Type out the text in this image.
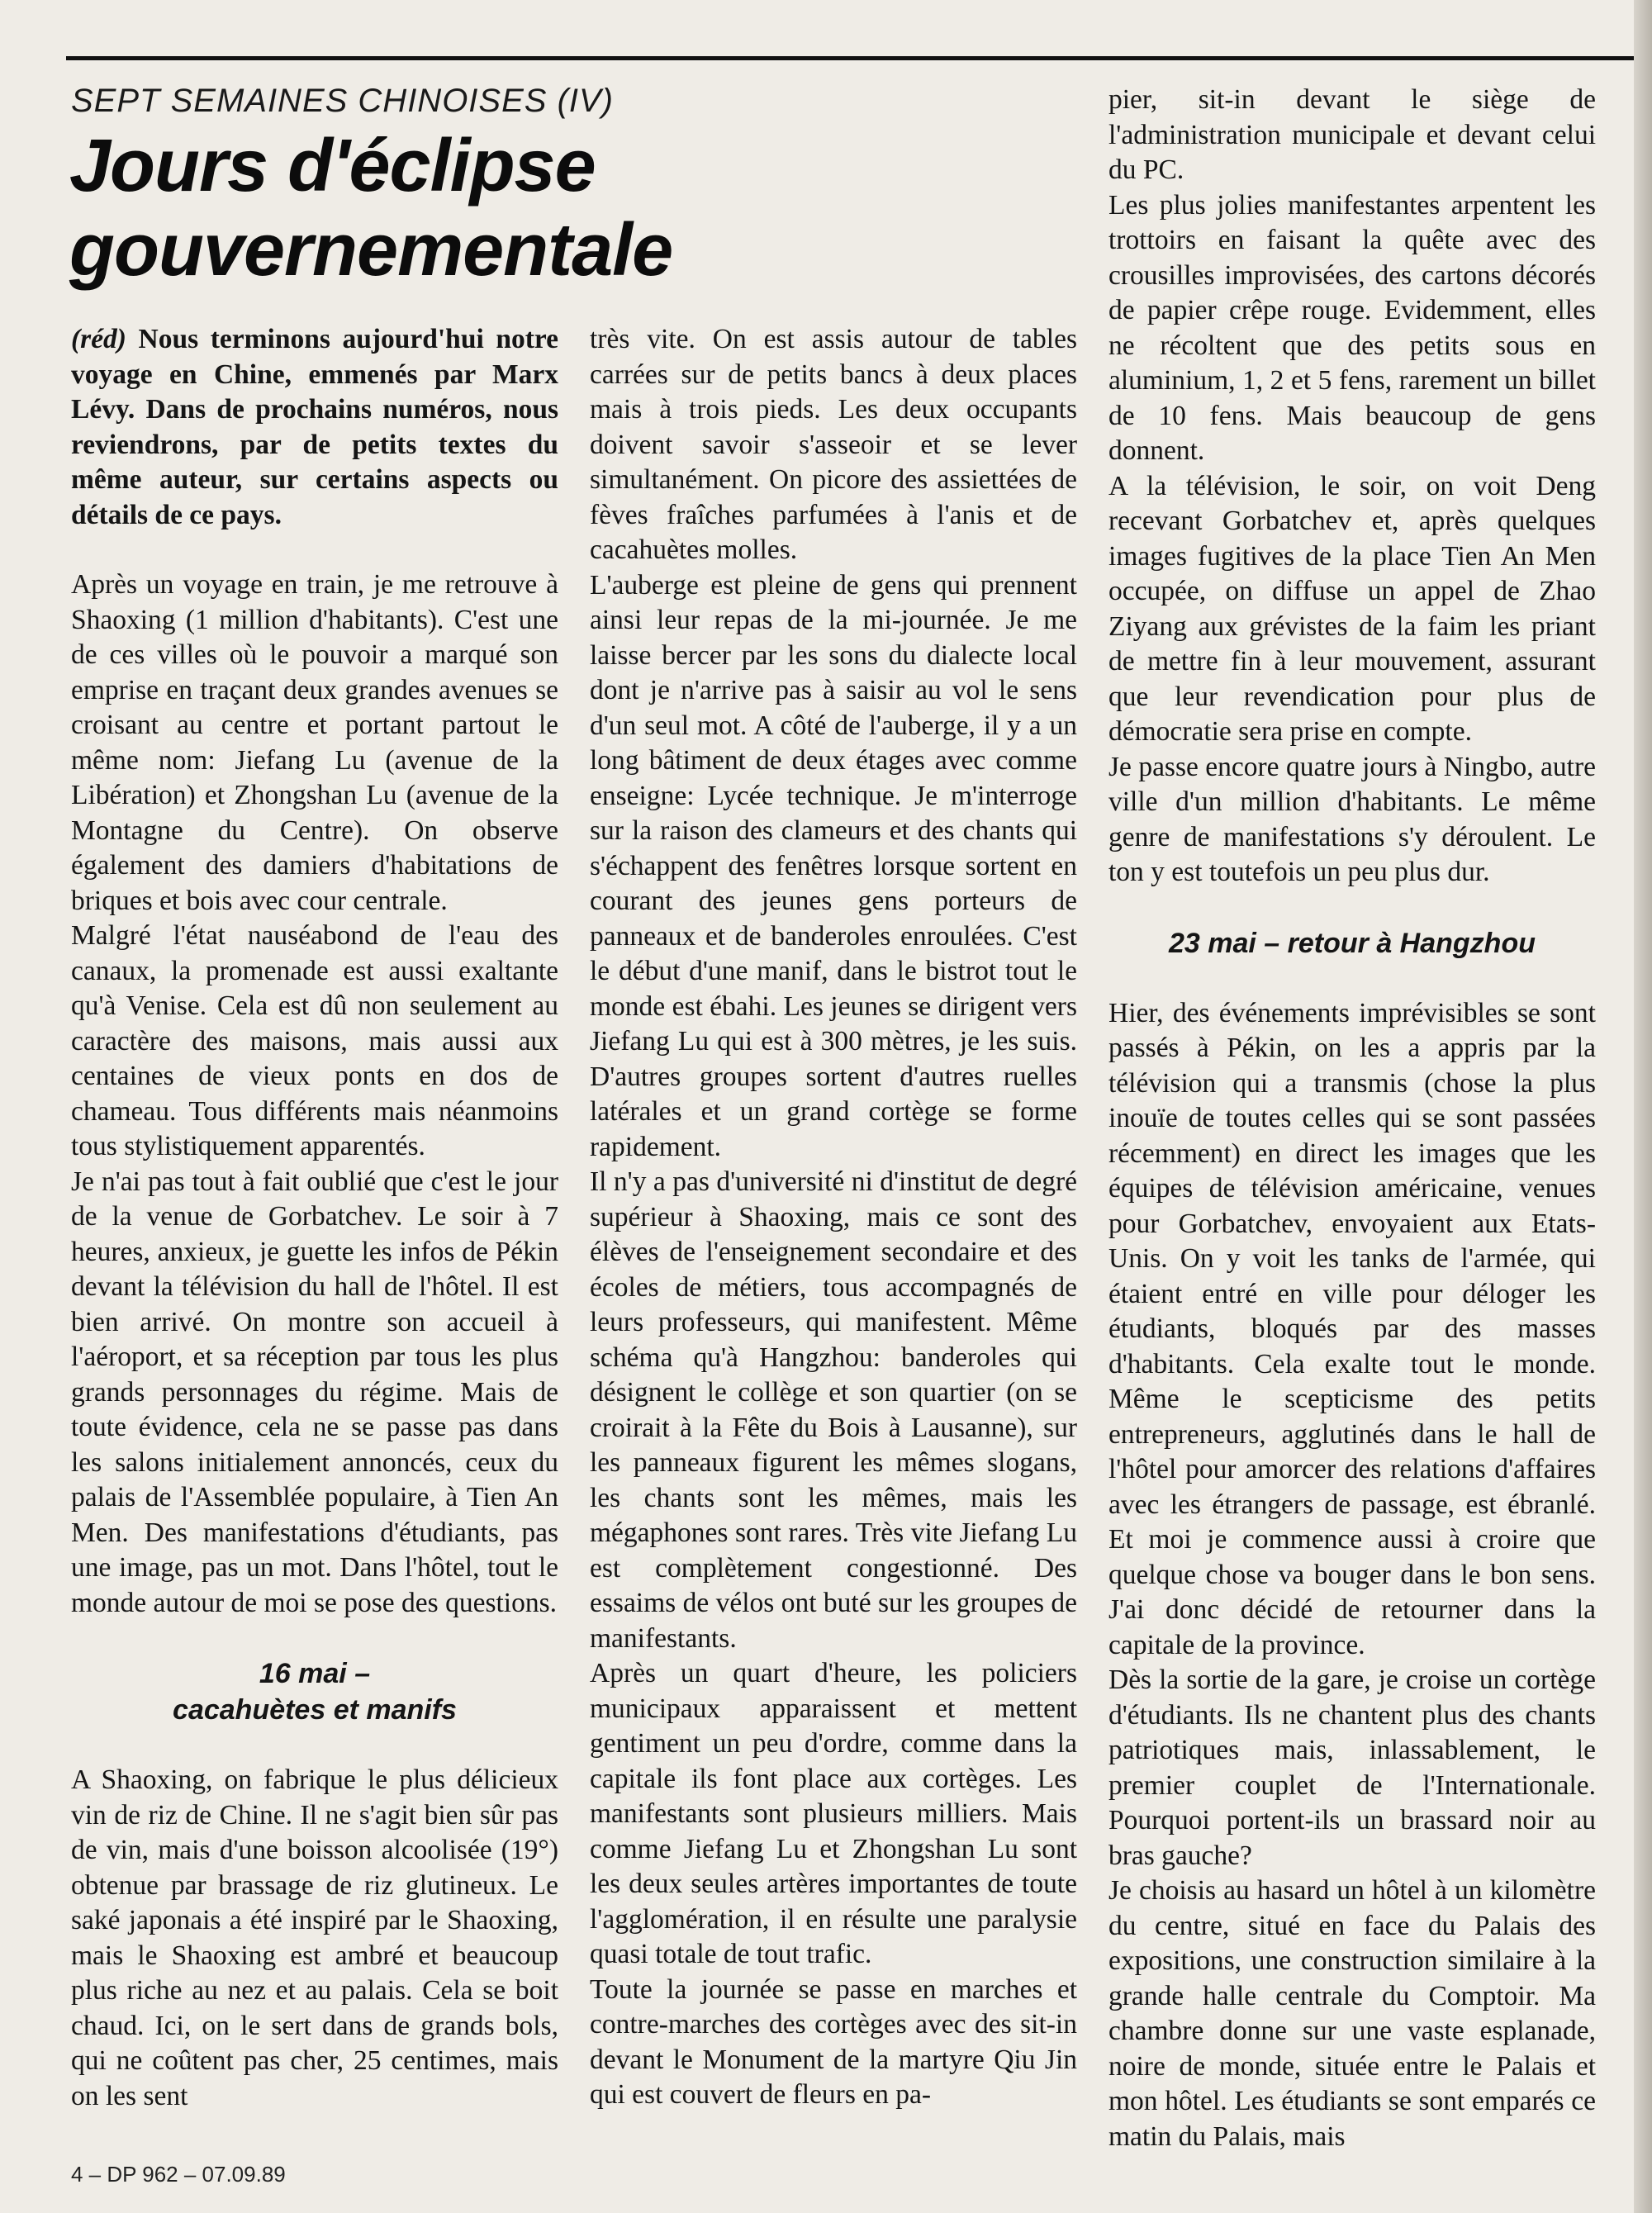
SEPT SEMAINES CHINOISES (IV)

Jours d'éclipse
gouvernementale

(réd) Nous terminons aujourd'hui notre voyage en Chine, emmenés par Marx Lévy. Dans de prochains numéros, nous reviendrons, par de petits textes du même auteur, sur certains aspects ou détails de ce pays.

Après un voyage en train, je me retrouve à Shaoxing (1 million d'habitants). C'est une de ces villes où le pouvoir a marqué son emprise en traçant deux grandes avenues se croisant au centre et portant partout le même nom: Jiefang Lu (avenue de la Libération) et Zhongshan Lu (avenue de la Montagne du Centre). On observe également des damiers d'habitations de briques et bois avec cour centrale.

Malgré l'état nauséabond de l'eau des canaux, la promenade est aussi exaltante qu'à Venise. Cela est dû non seulement au caractère des maisons, mais aussi aux centaines de vieux ponts en dos de chameau. Tous différents mais néanmoins tous stylistiquement apparentés.

Je n'ai pas tout à fait oublié que c'est le jour de la venue de Gorbatchev. Le soir à 7 heures, anxieux, je guette les infos de Pékin devant la télévision du hall de l'hôtel. Il est bien arrivé. On montre son accueil à l'aéroport, et sa réception par tous les plus grands personnages du régime. Mais de toute évidence, cela ne se passe pas dans les salons initialement annoncés, ceux du palais de l'Assemblée populaire, à Tien An Men. Des manifestations d'étudiants, pas une image, pas un mot. Dans l'hôtel, tout le monde autour de moi se pose des questions.

16 mai –
cacahuètes et manifs

A Shaoxing, on fabrique le plus délicieux vin de riz de Chine. Il ne s'agit bien sûr pas de vin, mais d'une boisson alcoolisée (19°) obtenue par brassage de riz glutineux. Le saké japonais a été inspiré par le Shaoxing, mais le Shaoxing est ambré et beaucoup plus riche au nez et au palais. Cela se boit chaud. Ici, on le sert dans de grands bols, qui ne coûtent pas cher, 25 centimes, mais on les sent

très vite. On est assis autour de tables carrées sur de petits bancs à deux places mais à trois pieds. Les deux occupants doivent savoir s'asseoir et se lever simultanément. On picore des assiettées de fèves fraîches parfumées à l'anis et de cacahuètes molles.

L'auberge est pleine de gens qui prennent ainsi leur repas de la mi-journée. Je me laisse bercer par les sons du dialecte local dont je n'arrive pas à saisir au vol le sens d'un seul mot. A côté de l'auberge, il y a un long bâtiment de deux étages avec comme enseigne: Lycée technique. Je m'interroge sur la raison des clameurs et des chants qui s'échappent des fenêtres lorsque sortent en courant des jeunes gens porteurs de panneaux et de banderoles enroulées. C'est le début d'une manif, dans le bistrot tout le monde est ébahi. Les jeunes se dirigent vers Jiefang Lu qui est à 300 mètres, je les suis. D'autres groupes sortent d'autres ruelles latérales et un grand cortège se forme rapidement.

Il n'y a pas d'université ni d'institut de degré supérieur à Shaoxing, mais ce sont des élèves de l'enseignement secondaire et des écoles de métiers, tous accompagnés de leurs professeurs, qui manifestent. Même schéma qu'à Hangzhou: banderoles qui désignent le collège et son quartier (on se croirait à la Fête du Bois à Lausanne), sur les panneaux figurent les mêmes slogans, les chants sont les mêmes, mais les mégaphones sont rares. Très vite Jiefang Lu est complètement congestionné. Des essaims de vélos ont buté sur les groupes de manifestants.

Après un quart d'heure, les policiers municipaux apparaissent et mettent gentiment un peu d'ordre, comme dans la capitale ils font place aux cortèges. Les manifestants sont plusieurs milliers. Mais comme Jiefang Lu et Zhongshan Lu sont les deux seules artères importantes de toute l'agglomération, il en résulte une paralysie quasi totale de tout trafic.

Toute la journée se passe en marches et contre-marches des cortèges avec des sit-in devant le Monument de la martyre Qiu Jin qui est couvert de fleurs en pa-

pier, sit-in devant le siège de l'administration municipale et devant celui du PC.

Les plus jolies manifestantes arpentent les trottoirs en faisant la quête avec des crousilles improvisées, des cartons décorés de papier crêpe rouge. Evidemment, elles ne récoltent que des petits sous en aluminium, 1, 2 et 5 fens, rarement un billet de 10 fens. Mais beaucoup de gens donnent.

A la télévision, le soir, on voit Deng recevant Gorbatchev et, après quelques images fugitives de la place Tien An Men occupée, on diffuse un appel de Zhao Ziyang aux grévistes de la faim les priant de mettre fin à leur mouvement, assurant que leur revendication pour plus de démocratie sera prise en compte.

Je passe encore quatre jours à Ningbo, autre ville d'un million d'habitants. Le même genre de manifestations s'y déroulent. Le ton y est toutefois un peu plus dur.

23 mai – retour à Hangzhou

Hier, des événements imprévisibles se sont passés à Pékin, on les a appris par la télévision qui a transmis (chose la plus inouïe de toutes celles qui se sont passées récemment) en direct les images que les équipes de télévision américaine, venues pour Gorbatchev, envoyaient aux Etats-Unis. On y voit les tanks de l'armée, qui étaient entré en ville pour déloger les étudiants, bloqués par des masses d'habitants. Cela exalte tout le monde. Même le scepticisme des petits entrepreneurs, agglutinés dans le hall de l'hôtel pour amorcer des relations d'affaires avec les étrangers de passage, est ébranlé. Et moi je commence aussi à croire que quelque chose va bouger dans le bon sens. J'ai donc décidé de retourner dans la capitale de la province.

Dès la sortie de la gare, je croise un cortège d'étudiants. Ils ne chantent plus des chants patriotiques mais, inlassablement, le premier couplet de l'Internationale. Pourquoi portent-ils un brassard noir au bras gauche?

Je choisis au hasard un hôtel à un kilomètre du centre, situé en face du Palais des expositions, une construction similaire à la grande halle centrale du Comptoir. Ma chambre donne sur une vaste esplanade, noire de monde, située entre le Palais et mon hôtel. Les étudiants se sont emparés ce matin du Palais, mais

4 – DP 962 – 07.09.89
